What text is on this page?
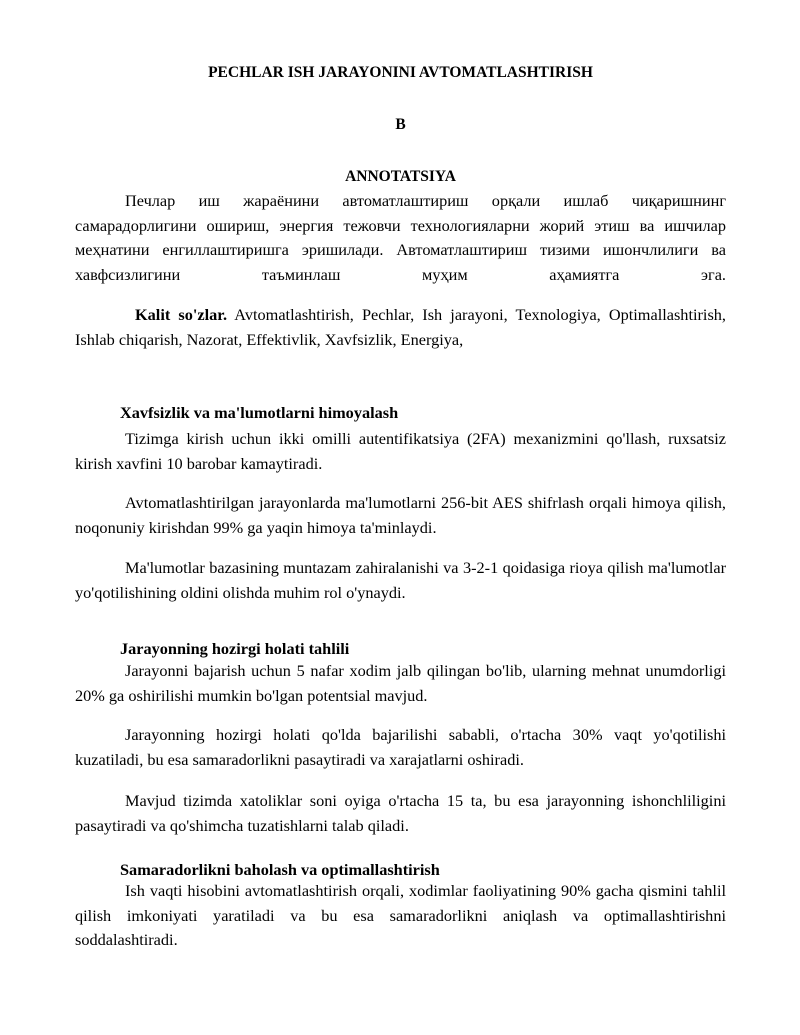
PECHLAR ISH JARAYONINI AVTOMATLASHTIRISH
B
ANNOTATSIYA
Печлар иш жараёнини автоматлаштириш орқали ишлаб чиқаришнинг самарадорлигини ошириш, энергия тежовчи технологияларни жорий этиш ва ишчилар меҳнатини енгиллаштиришга эришилади. Автоматлаштириш тизими ишончлилиги ва хавфсизлигини таъминлаш муҳим аҳамиятга эга.
Kalit so'zlar. Avtomatlashtirish, Pechlar, Ish jarayoni, Texnologiya, Optimallashtirish, Ishlab chiqarish, Nazorat, Effektivlik, Xavfsizlik, Energiya,
Xavfsizlik va ma'lumotlarni himoyalash
Tizimga kirish uchun ikki omilli autentifikatsiya (2FA) mexanizmini qo'llash, ruxsatsiz kirish xavfini 10 barobar kamaytiradi.
Avtomatlashtirilgan jarayonlarda ma'lumotlarni 256-bit AES shifrlash orqali himoya qilish, noqonuniy kirishdan 99% ga yaqin himoya ta'minlaydi.
Ma'lumotlar bazasining muntazam zahiralanishi va 3-2-1 qoidasiga rioya qilish ma'lumotlar yo'qotilishining oldini olishda muhim rol o'ynaydi.
Jarayonning hozirgi holati tahlili
Jarayonni bajarish uchun 5 nafar xodim jalb qilingan bo'lib, ularning mehnat unumdorligi 20% ga oshirilishi mumkin bo'lgan potentsial mavjud.
Jarayonning hozirgi holati qo'lda bajarilishi sababli, o'rtacha 30% vaqt yo'qotilishi kuzatiladi, bu esa samaradorlikni pasaytiradi va xarajatlarni oshiradi.
Mavjud tizimda xatoliklar soni oyiga o'rtacha 15 ta, bu esa jarayonning ishonchliligini pasaytiradi va qo'shimcha tuzatishlarni talab qiladi.
Samaradorlikni baholash va optimallashtirish
Ish vaqti hisobini avtomatlashtirish orqali, xodimlar faoliyatining 90% gacha qismini tahlil qilish imkoniyati yaratiladi va bu esa samaradorlikni aniqlash va optimallashtirishni soddalashtiradi.
